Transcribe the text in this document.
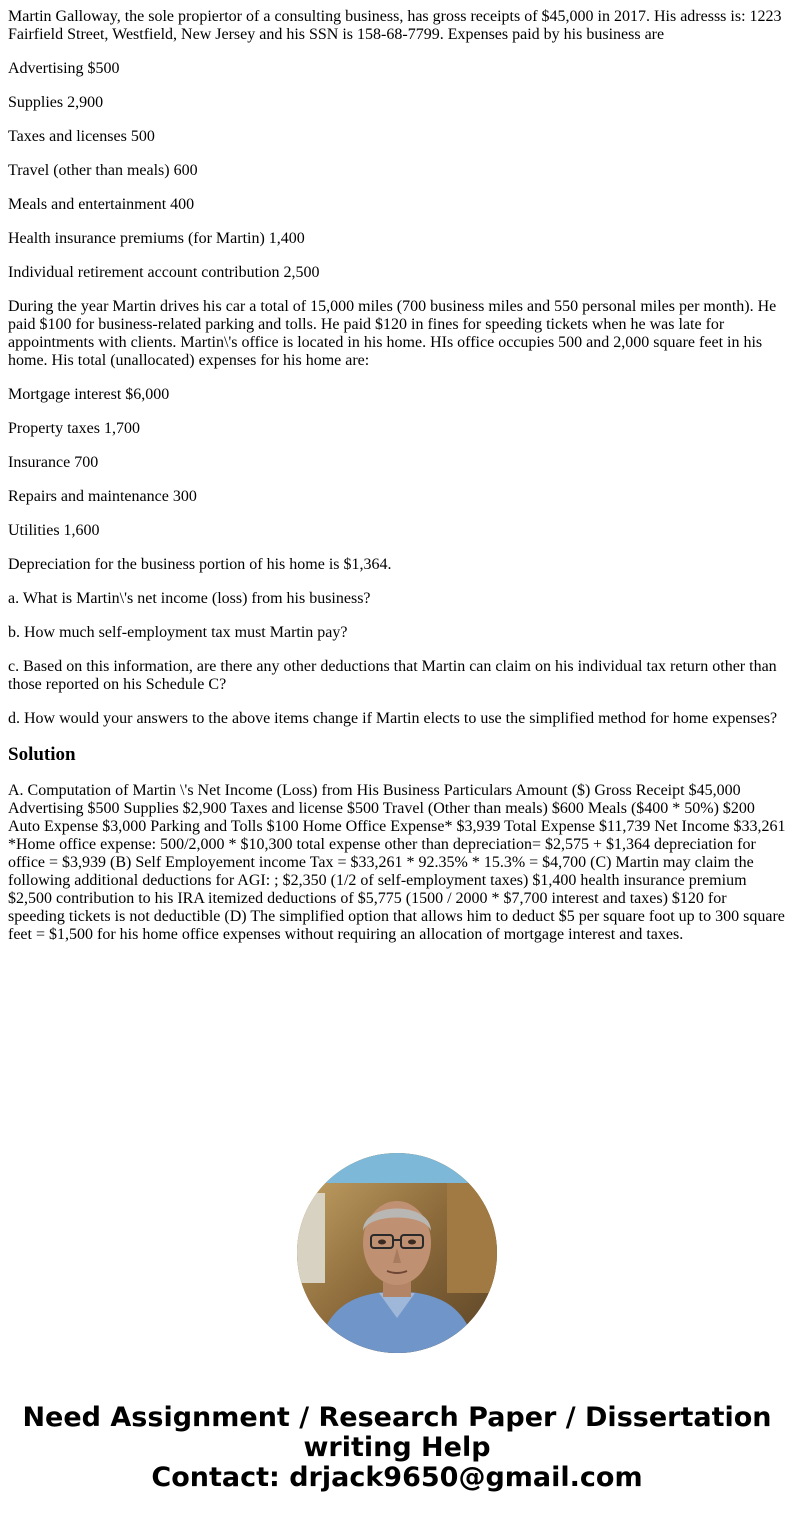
Martin Galloway, the sole propiertor of a consulting business, has gross receipts of $45,000 in 2017. His adresss is: 1223 Fairfield Street, Westfield, New Jersey and his SSN is 158-68-7799. Expenses paid by his business are

Advertising $500

Supplies 2,900

Taxes and licenses 500

Travel (other than meals) 600

Meals and entertainment 400

Health insurance premiums (for Martin) 1,400

Individual retirement account contribution 2,500

During the year Martin drives his car a total of 15,000 miles (700 business miles and 550 personal miles per month). He paid $100 for business-related parking and tolls. He paid $120 in fines for speeding tickets when he was late for appointments with clients. Martin\'s office is located in his home. HIs office occupies 500 and 2,000 square feet in his home. His total (unallocated) expenses for his home are:

Mortgage interest $6,000

Property taxes 1,700

Insurance 700

Repairs and maintenance 300

Utilities 1,600

Depreciation for the business portion of his home is $1,364.

a. What is Martin\'s net income (loss) from his business?

b. How much self-employment tax must Martin pay?

c. Based on this information, are there any other deductions that Martin can claim on his individual tax return other than those reported on his Schedule C?

d. How would your answers to the above items change if Martin elects to use the simplified method for home expenses?

Solution

A. Computation of Martin \'s Net Income (Loss) from His Business Particulars Amount ($) Gross Receipt $45,000 Advertising $500 Supplies $2,900 Taxes and license $500 Travel (Other than meals) $600 Meals ($400 * 50%) $200 Auto Expense $3,000 Parking and Tolls $100 Home Office Expense* $3,939 Total Expense $11,739 Net Income $33,261 *Home office expense: 500/2,000 * $10,300 total expense other than depreciation= $2,575 + $1,364 depreciation for office = $3,939 (B) Self Employement income Tax = $33,261 * 92.35% * 15.3% = $4,700 (C) Martin may claim the following additional deductions for AGI: ; $2,350 (1/2 of self-employment taxes) $1,400 health insurance premium $2,500 contribution to his IRA itemized deductions of $5,775 (1500 / 2000 * $7,700 interest and taxes) $120 for speeding tickets is not deductible (D) The simplified option that allows him to deduct $5 per square foot up to 300 square feet = $1,500 for his home office expenses without requiring an allocation of mortgage interest and taxes.

Need Assignment / Research Paper / Dissertation
writing Help
Contact: drjack9650@gmail.com
